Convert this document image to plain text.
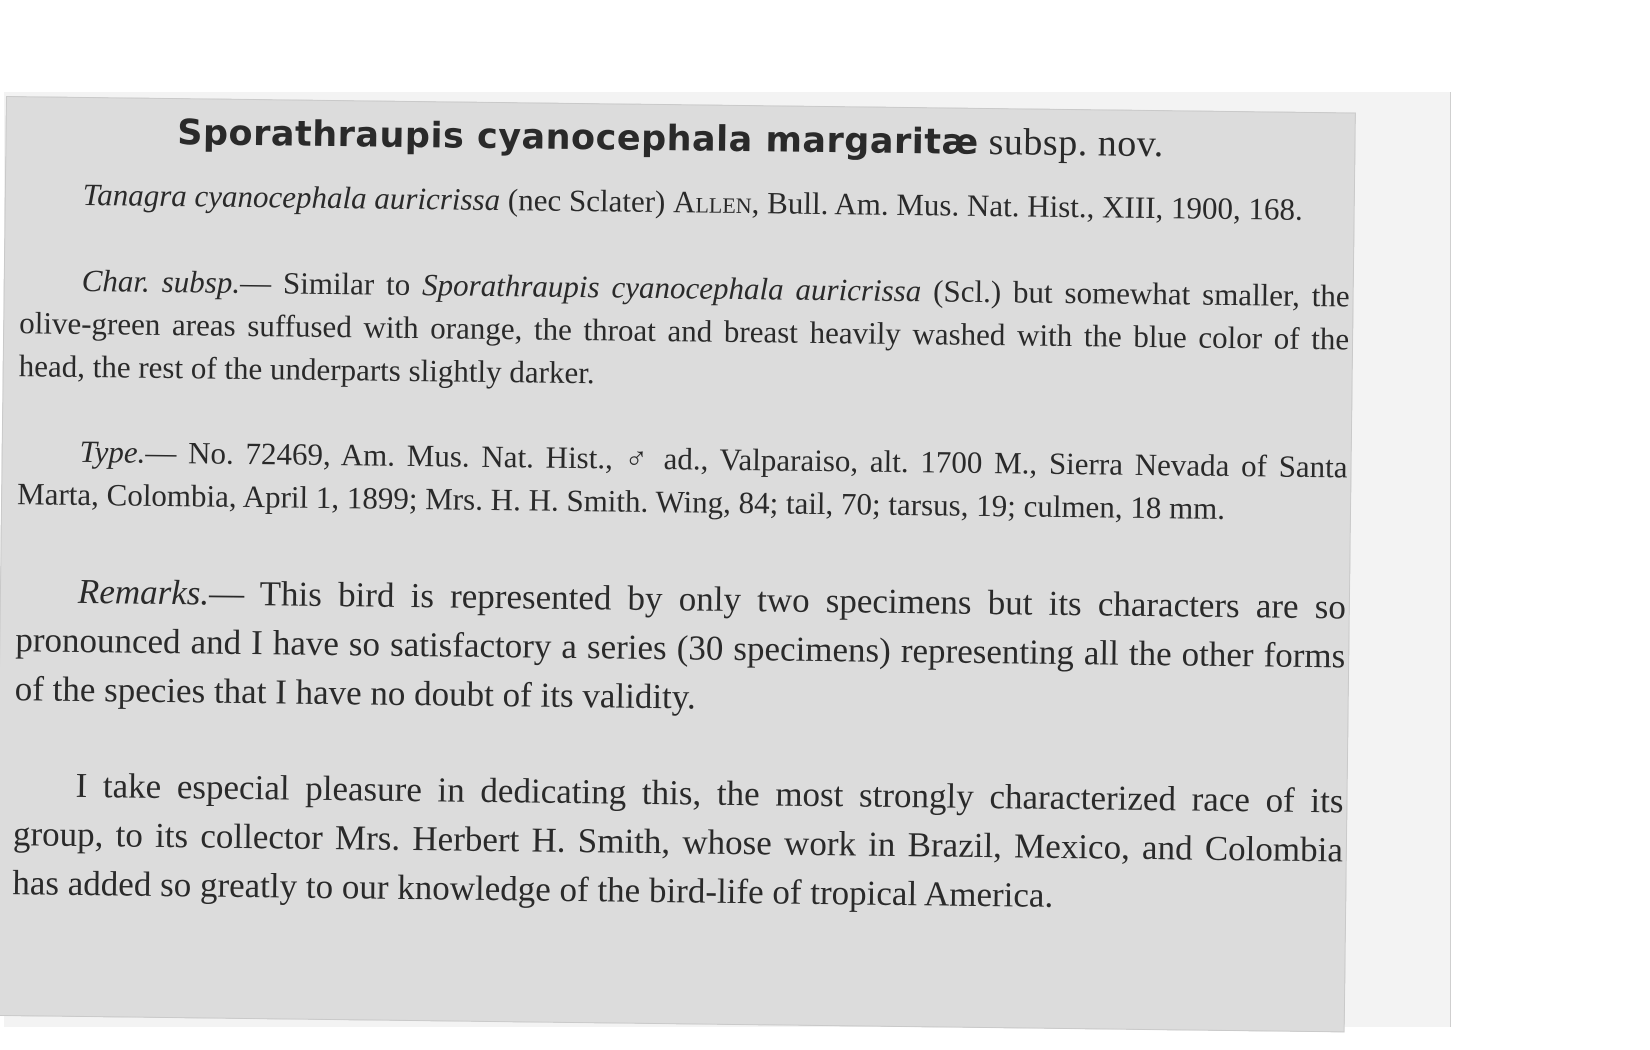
Sporathraupis cyanocephala margaritæ subsp. nov.

Tanagra cyanocephala auricrissa (nec Sclater) Allen, Bull. Am. Mus. Nat. Hist., XIII, 1900, 168.

Char. subsp.— Similar to Sporathraupis cyanocephala auricrissa (Scl.) but somewhat smaller, the olive-green areas suffused with orange, the throat and breast heavily washed with the blue color of the head, the rest of the underparts slightly darker.

Type.— No. 72469, Am. Mus. Nat. Hist., ♂ ad., Valparaiso, alt. 1700 M., Sierra Nevada of Santa Marta, Colombia, April 1, 1899; Mrs. H. H. Smith. Wing, 84; tail, 70; tarsus, 19; culmen, 18 mm.

Remarks.— This bird is represented by only two specimens but its characters are so pronounced and I have so satisfactory a series (30 specimens) representing all the other forms of the species that I have no doubt of its validity.

I take especial pleasure in dedicating this, the most strongly characterized race of its group, to its collector Mrs. Herbert H. Smith, whose work in Brazil, Mexico, and Colombia has added so greatly to our knowledge of the bird-life of tropical America.
